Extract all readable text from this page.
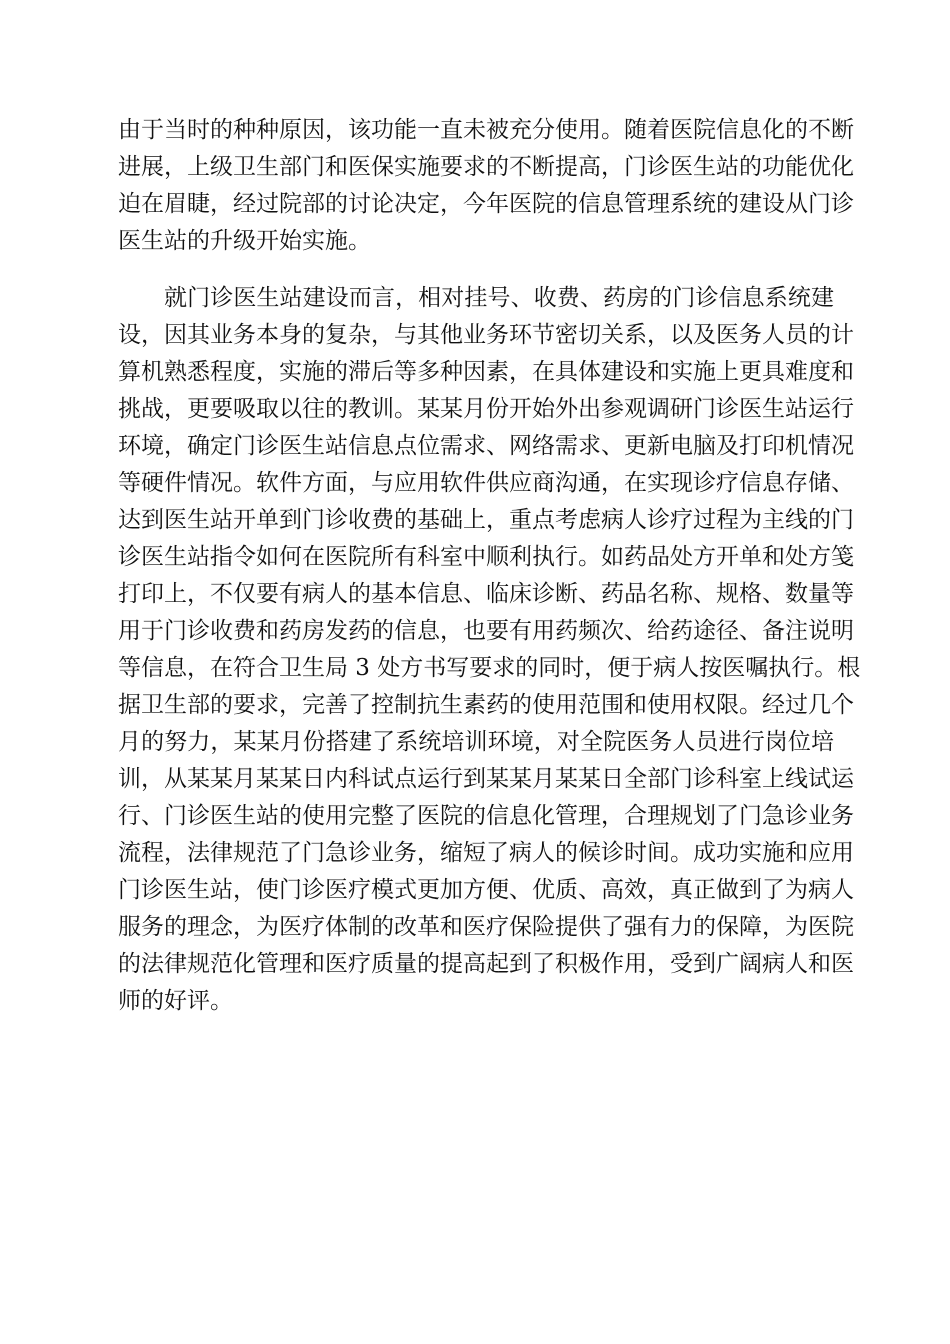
由于当时的种种原因，该功能一直未被充分使用。随着医院信息化的不断
进展，上级卫生部门和医保实施要求的不断提高，门诊医生站的功能优化
迫在眉睫，经过院部的讨论决定，今年医院的信息管理系统的建设从门诊
医生站的升级开始实施。
就门诊医生站建设而言，相对挂号、收费、药房的门诊信息系统建
设，因其业务本身的复杂，与其他业务环节密切关系，以及医务人员的计
算机熟悉程度，实施的滞后等多种因素，在具体建设和实施上更具难度和
挑战，更要吸取以往的教训。某某月份开始外出参观调研门诊医生站运行
环境，确定门诊医生站信息点位需求、网络需求、更新电脑及打印机情况
等硬件情况。软件方面，与应用软件供应商沟通，在实现诊疗信息存储、
达到医生站开单到门诊收费的基础上，重点考虑病人诊疗过程为主线的门
诊医生站指令如何在医院所有科室中顺利执行。如药品处方开单和处方笺
打印上，不仅要有病人的基本信息、临床诊断、药品名称、规格、数量等
用于门诊收费和药房发药的信息，也要有用药频次、给药途径、备注说明
等信息，在符合卫生局 3 处方书写要求的同时，便于病人按医嘱执行。根
据卫生部的要求，完善了控制抗生素药的使用范围和使用权限。经过几个
月的努力，某某月份搭建了系统培训环境，对全院医务人员进行岗位培
训，从某某月某某日内科试点运行到某某月某某日全部门诊科室上线试运
行、门诊医生站的使用完整了医院的信息化管理，合理规划了门急诊业务
流程，法律规范了门急诊业务，缩短了病人的候诊时间。成功实施和应用
门诊医生站，使门诊医疗模式更加方便、优质、高效，真正做到了为病人
服务的理念，为医疗体制的改革和医疗保险提供了强有力的保障，为医院
的法律规范化管理和医疗质量的提高起到了积极作用，受到广阔病人和医
师的好评。
